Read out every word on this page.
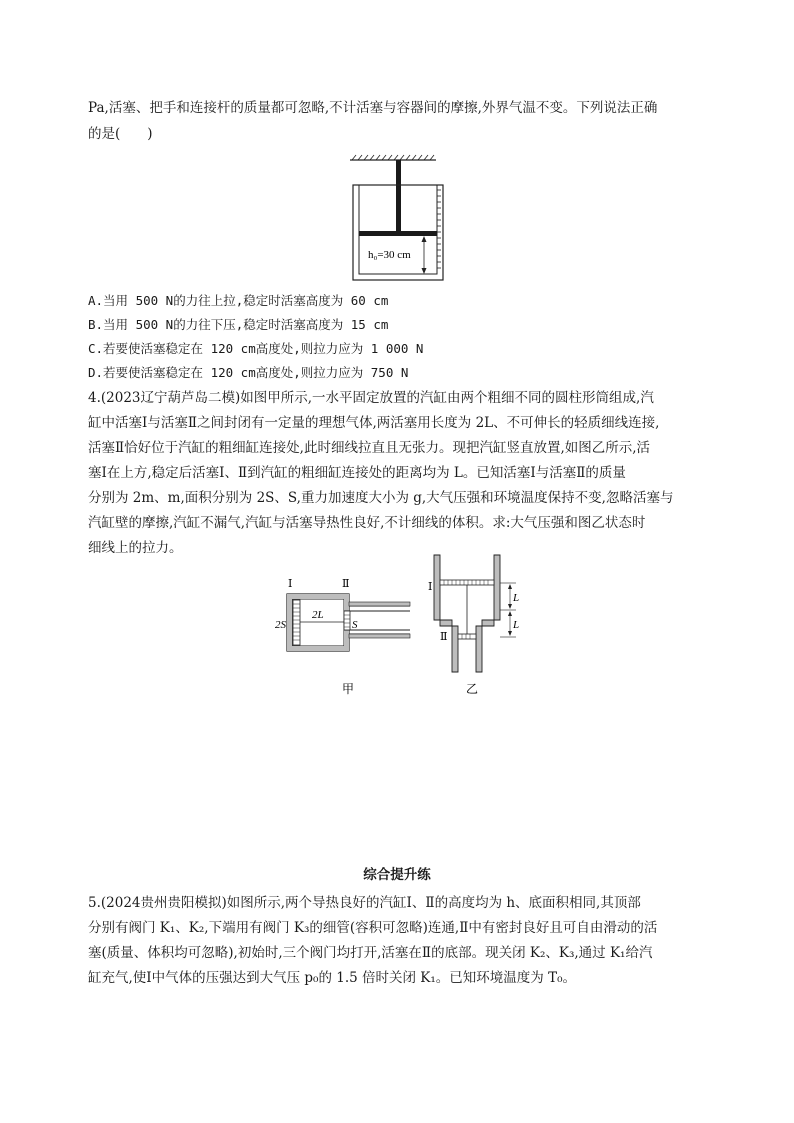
Pa,活塞、把手和连接杆的质量都可忽略,不计活塞与容器间的摩擦,外界气温不变。下列说法正确
的是(　　)
h₀=30 cm
A.当用 500 N的力往上拉,稳定时活塞高度为 60 cm
B.当用 500 N的力往下压,稳定时活塞高度为 15 cm
C.若要使活塞稳定在 120 cm高度处,则拉力应为 1 000 N
D.若要使活塞稳定在 120 cm高度处,则拉力应为 750 N
4.(2023辽宁葫芦岛二模)如图甲所示,一水平固定放置的汽缸由两个粗细不同的圆柱形筒组成,汽
缸中活塞Ⅰ与活塞Ⅱ之间封闭有一定量的理想气体,两活塞用长度为 2L、不可伸长的轻质细线连接,
活塞Ⅱ恰好位于汽缸的粗细缸连接处,此时细线拉直且无张力。现把汽缸竖直放置,如图乙所示,活
塞Ⅰ在上方,稳定后活塞Ⅰ、Ⅱ到汽缸的粗细缸连接处的距离均为 L。已知活塞Ⅰ与活塞Ⅱ的质量
分别为 2m、m,面积分别为 2S、S,重力加速度大小为 g,大气压强和环境温度保持不变,忽略活塞与
汽缸壁的摩擦,汽缸不漏气,汽缸与活塞导热性良好,不计细线的体积。求:大气压强和图乙状态时
细线上的拉力。
Ⅰ	Ⅱ
2L
2S	S
甲
Ⅰ
Ⅱ
L
L
乙
综合提升练
5.(2024贵州贵阳模拟)如图所示,两个导热良好的汽缸Ⅰ、Ⅱ的高度均为 h、底面积相同,其顶部
分别有阀门 K₁、K₂,下端用有阀门 K₃的细管(容积可忽略)连通,Ⅱ中有密封良好且可自由滑动的活
塞(质量、体积均可忽略),初始时,三个阀门均打开,活塞在Ⅱ的底部。现关闭 K₂、K₃,通过 K₁给汽
缸充气,使Ⅰ中气体的压强达到大气压 p₀的 1.5 倍时关闭 K₁。已知环境温度为 T₀。
